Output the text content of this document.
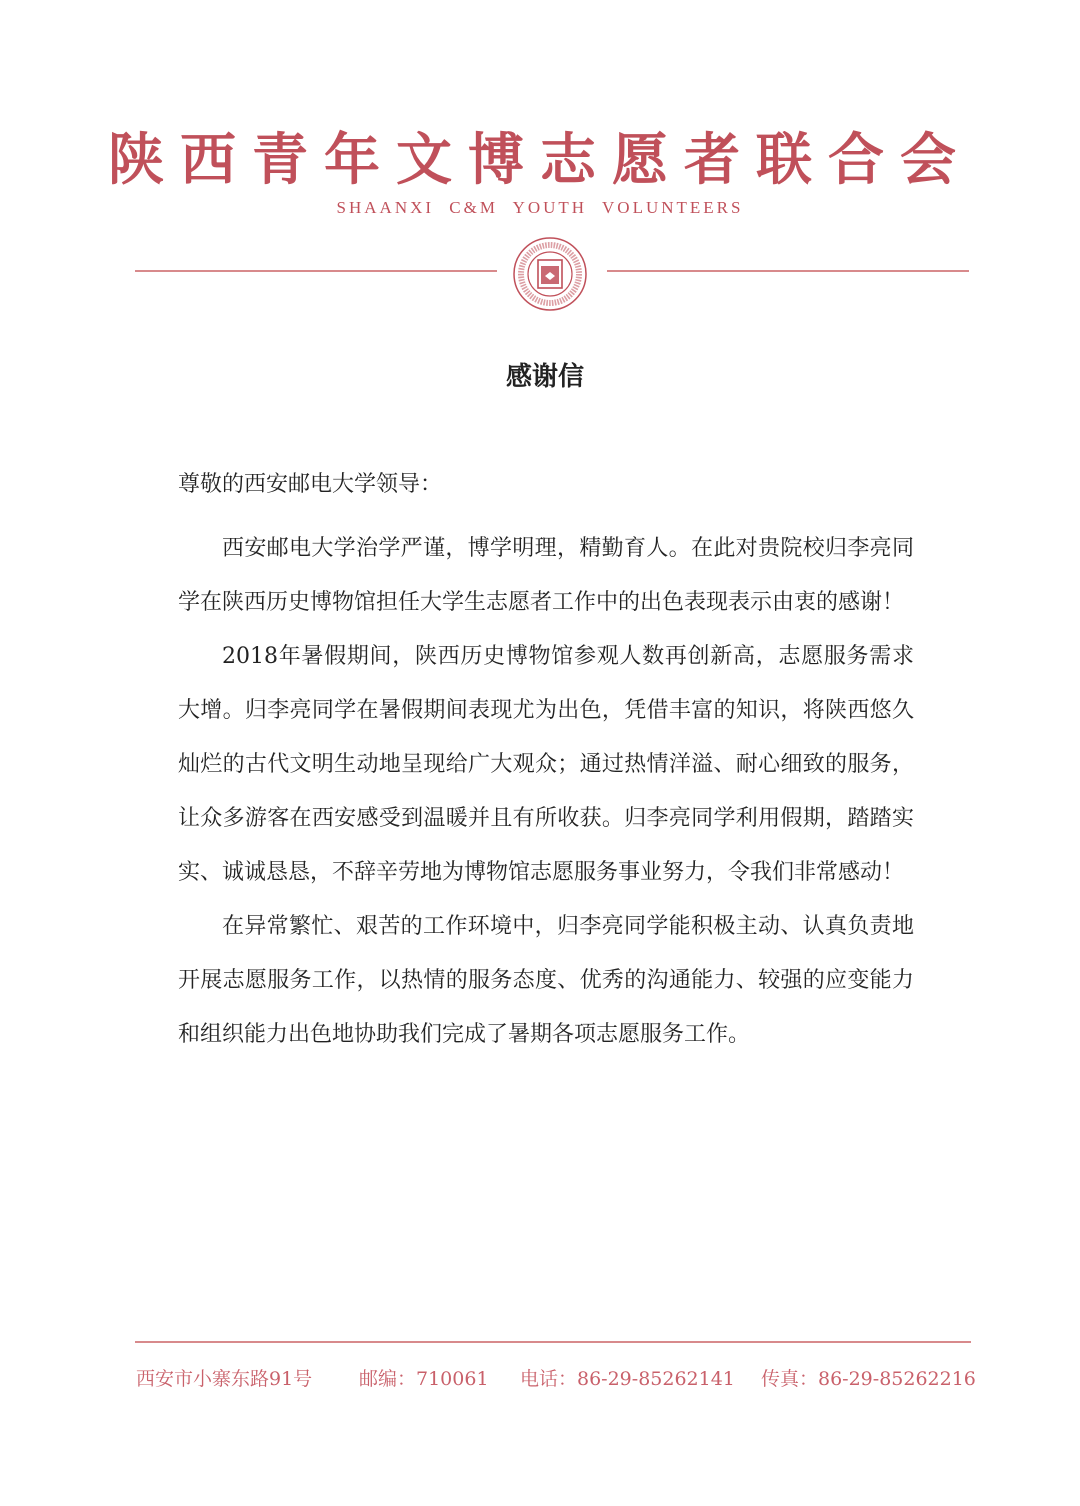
陕西青年文博志愿者联合会
SHAANXI C&M YOUTH VOLUNTEERS
感谢信
尊敬的西安邮电大学领导：

西安邮电大学治学严谨，博学明理，精勤育人。在此对贵院校归李亮同学在陕西历史博物馆担任大学生志愿者工作中的出色表现表示由衷的感谢！

2018年暑假期间，陕西历史博物馆参观人数再创新高，志愿服务需求大增。归李亮同学在暑假期间表现尤为出色，凭借丰富的知识，将陕西悠久灿烂的古代文明生动地呈现给广大观众；通过热情洋溢、耐心细致的服务，让众多游客在西安感受到温暖并且有所收获。归李亮同学利用假期，踏踏实实、诚诚恳恳，不辞辛劳地为博物馆志愿服务事业努力，令我们非常感动！

在异常繁忙、艰苦的工作环境中，归李亮同学能积极主动、认真负责地开展志愿服务工作，以热情的服务态度、优秀的沟通能力、较强的应变能力和组织能力出色地协助我们完成了暑期各项志愿服务工作。

西安市小寨东路91号 邮编：710061 电话：86-29-85262141 传真：86-29-85262216
